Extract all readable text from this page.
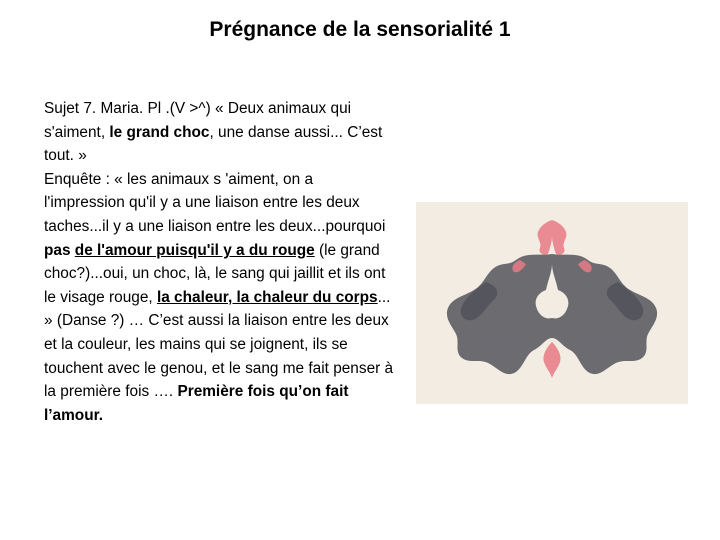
Prégnance de la sensorialité 1

Sujet 7. Maria. Pl .(V >^) « Deux animaux qui s'aiment, le grand choc, une danse aussi... C’est tout. »

Enquête : « les animaux s 'aiment, on a l'impression qu'il y a une liaison entre les deux taches...il y a une liaison entre les deux...pourquoi pas de l'amour puisqu'il y a du rouge (le grand choc?)...oui, un choc, là, le sang qui jaillit et ils ont le visage rouge, la chaleur, la chaleur du corps... » (Danse ?) … C’est aussi la liaison entre les deux et la couleur, les mains qui se joignent, ils se touchent avec le genou, et le sang me fait penser à la première fois …. Première fois qu’on fait l’amour.
